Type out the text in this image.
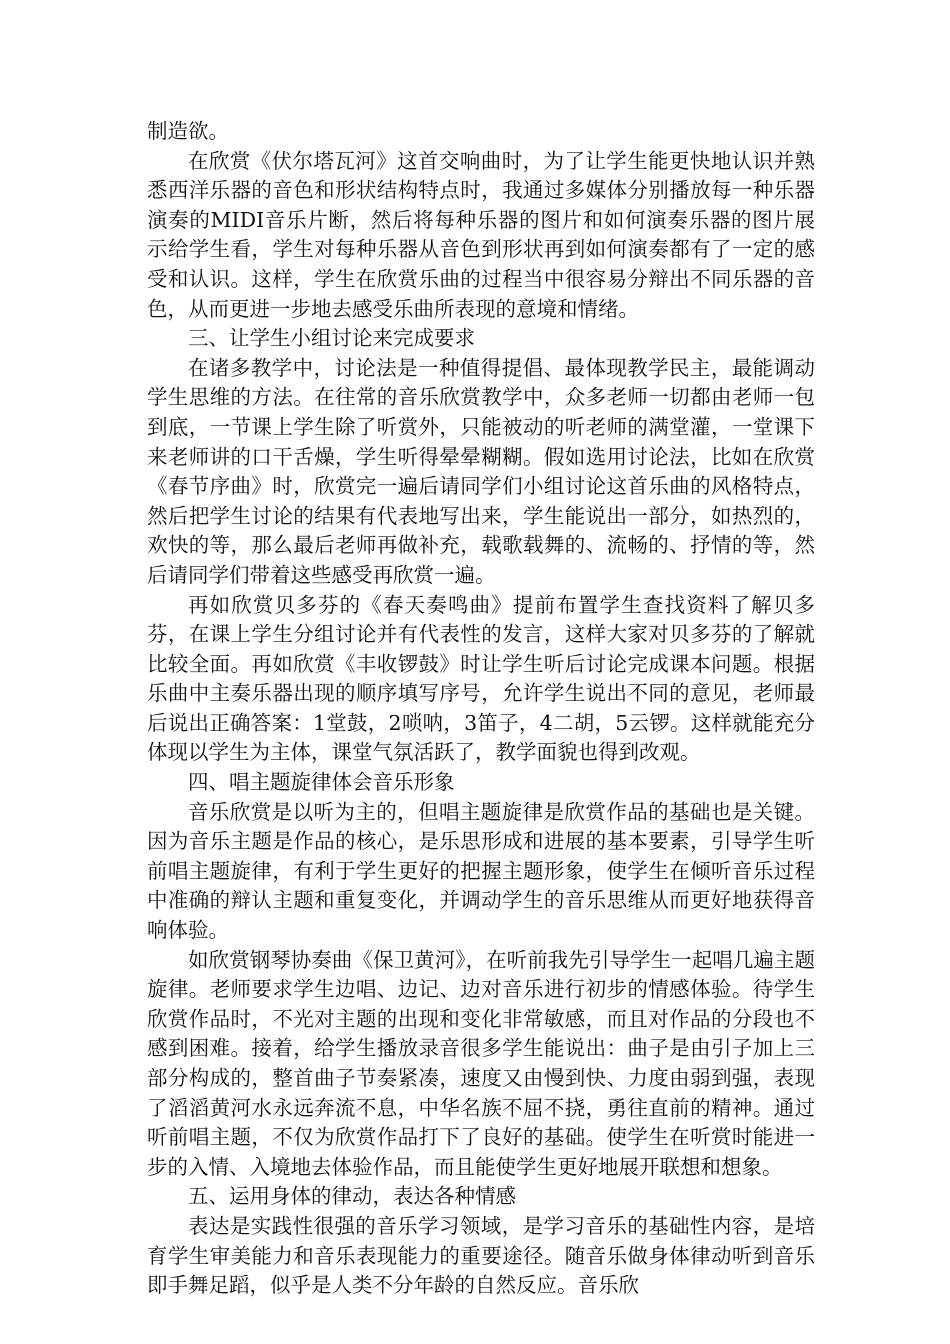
制造欲。

在欣赏《伏尔塔瓦河》这首交响曲时，为了让学生能更快地认识并熟悉西洋乐器的音色和形状结构特点时，我通过多媒体分别播放每一种乐器演奏的MIDI音乐片断，然后将每种乐器的图片和如何演奏乐器的图片展示给学生看，学生对每种乐器从音色到形状再到如何演奏都有了一定的感受和认识。这样，学生在欣赏乐曲的过程当中很容易分辩出不同乐器的音色，从而更进一步地去感受乐曲所表现的意境和情绪。

三、让学生小组讨论来完成要求

在诸多教学中，讨论法是一种值得提倡、最体现教学民主，最能调动学生思维的方法。在往常的音乐欣赏教学中，众多老师一切都由老师一包到底，一节课上学生除了听赏外，只能被动的听老师的满堂灌，一堂课下来老师讲的口干舌燥，学生听得晕晕糊糊。假如选用讨论法，比如在欣赏《春节序曲》时，欣赏完一遍后请同学们小组讨论这首乐曲的风格特点，然后把学生讨论的结果有代表地写出来，学生能说出一部分，如热烈的，欢快的等，那么最后老师再做补充，载歌载舞的、流畅的、抒情的等，然后请同学们带着这些感受再欣赏一遍。

再如欣赏贝多芬的《春天奏鸣曲》提前布置学生查找资料了解贝多芬，在课上学生分组讨论并有代表性的发言，这样大家对贝多芬的了解就比较全面。再如欣赏《丰收锣鼓》时让学生听后讨论完成课本问题。根据乐曲中主奏乐器出现的顺序填写序号，允许学生说出不同的意见，老师最后说出正确答案：1堂鼓，2唢呐，3笛子，4二胡，5云锣。这样就能充分体现以学生为主体，课堂气氛活跃了，教学面貌也得到改观。

四、唱主题旋律体会音乐形象

音乐欣赏是以听为主的，但唱主题旋律是欣赏作品的基础也是关键。因为音乐主题是作品的核心，是乐思形成和进展的基本要素，引导学生听前唱主题旋律，有利于学生更好的把握主题形象，使学生在倾听音乐过程中准确的辩认主题和重复变化，并调动学生的音乐思维从而更好地获得音响体验。

如欣赏钢琴协奏曲《保卫黄河》，在听前我先引导学生一起唱几遍主题旋律。老师要求学生边唱、边记、边对音乐进行初步的情感体验。待学生欣赏作品时，不光对主题的出现和变化非常敏感，而且对作品的分段也不感到困难。接着，给学生播放录音很多学生能说出：曲子是由引子加上三部分构成的，整首曲子节奏紧凑，速度又由慢到快、力度由弱到强，表现了滔滔黄河水永远奔流不息，中华名族不屈不挠，勇往直前的精神。通过听前唱主题，不仅为欣赏作品打下了良好的基础。使学生在听赏时能进一步的入情、入境地去体验作品，而且能使学生更好地展开联想和想象。

五、运用身体的律动，表达各种情感

表达是实践性很强的音乐学习领域，是学习音乐的基础性内容，是培育学生审美能力和音乐表现能力的重要途径。随音乐做身体律动听到音乐即手舞足蹈，似乎是人类不分年龄的自然反应。音乐欣
